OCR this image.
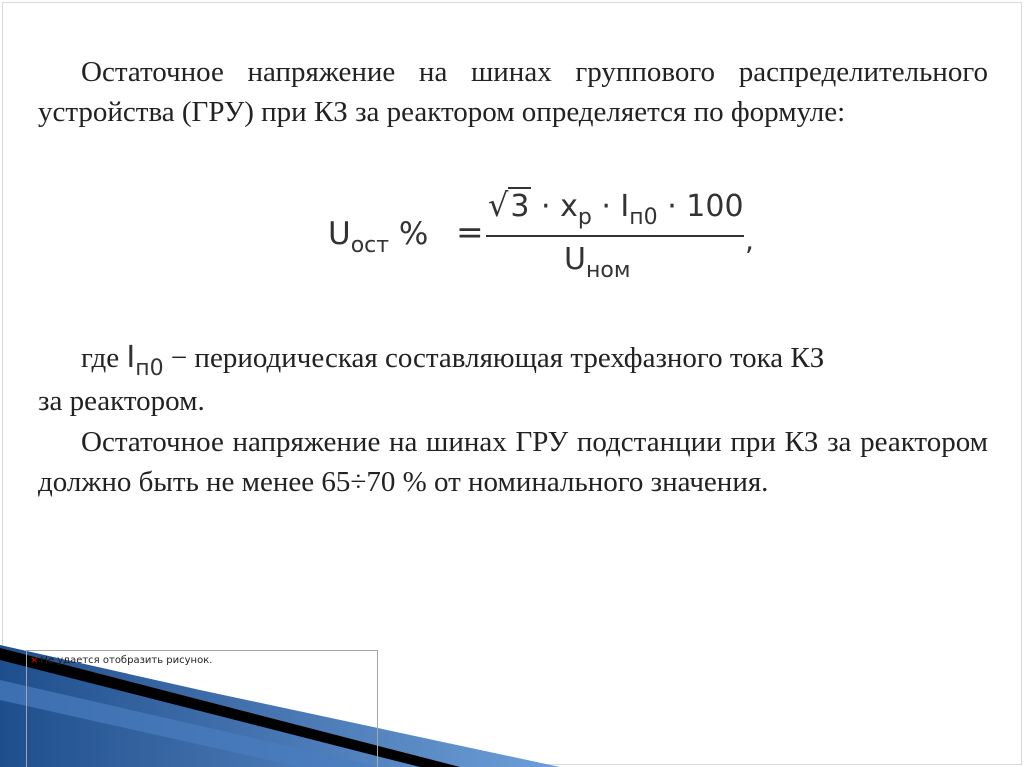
Остаточное напряжение на шинах группового распределительного устройства (ГРУ) при КЗ за реактором определяется по формуле:

$U_{ост}$ % =
$√3 \cdot x_р \cdot I_{п0} \cdot 100$
$U_{ном}$
,

где $I_{п0}$ − периодическая составляющая трехфазного тока КЗ
за реактором.

Остаточное напряжение на шинах ГРУ подстанции при КЗ за реактором должно быть не менее 65÷70 % от номинального значения.

× Не удается отобразить рисунок.
